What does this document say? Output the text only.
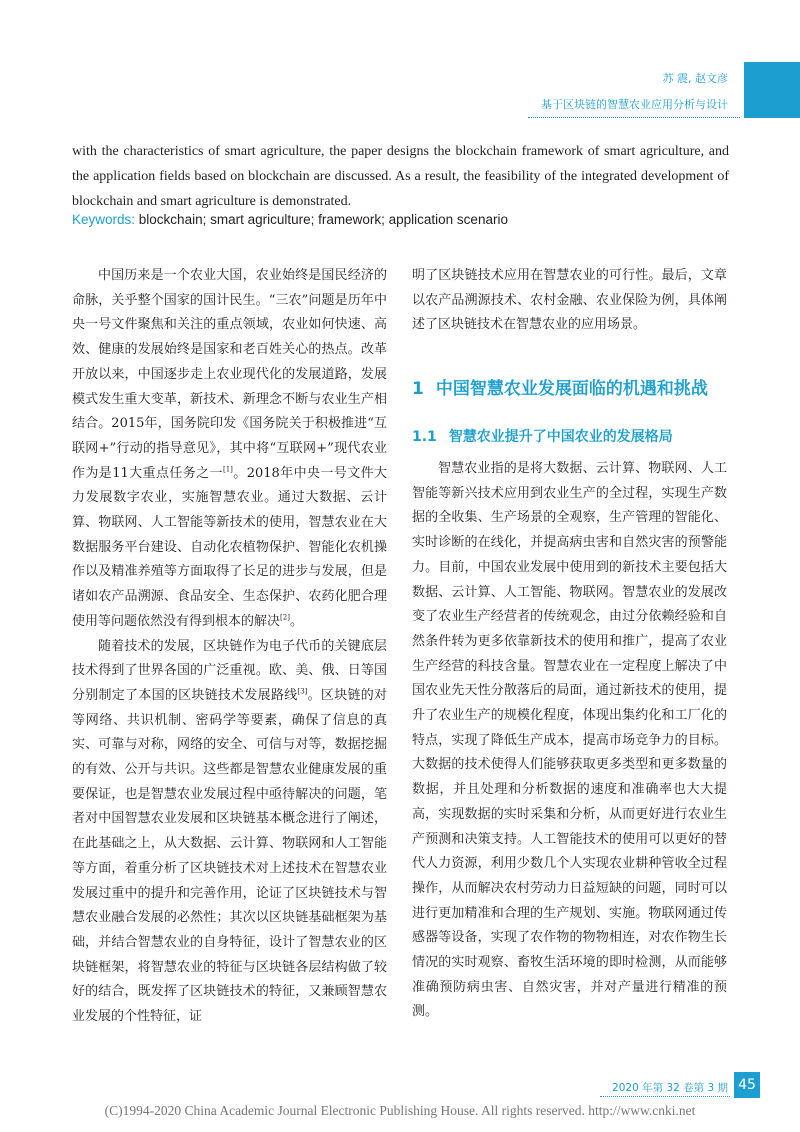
苏 震, 赵文彦
基于区块链的智慧农业应用分析与设计

with the characteristics of smart agriculture, the paper designs the blockchain framework of smart agriculture, and the application fields based on blockchain are discussed. As a result, the feasibility of the integrated development of blockchain and smart agriculture is demonstrated.

Keywords: blockchain; smart agriculture; framework; application scenario

中国历来是一个农业大国，农业始终是国民经济的命脉，关乎整个国家的国计民生。“三农”问题是历年中央一号文件聚焦和关注的重点领域，农业如何快速、高效、健康的发展始终是国家和老百姓关心的热点。改革开放以来，中国逐步走上农业现代化的发展道路，发展模式发生重大变革，新技术、新理念不断与农业生产相结合。2015年，国务院印发《国务院关于积极推进“互联网+”行动的指导意见》，其中将“互联网+”现代农业作为是11大重点任务之一[1]。2018年中央一号文件大力发展数字农业，实施智慧农业。通过大数据、云计算、物联网、人工智能等新技术的使用，智慧农业在大数据服务平台建设、自动化农植物保护、智能化农机操作以及精准养殖等方面取得了长足的进步与发展，但是诸如农产品溯源、食品安全、生态保护、农药化肥合理使用等问题依然没有得到根本的解决[2]。

随着技术的发展，区块链作为电子代币的关键底层技术得到了世界各国的广泛重视。欧、美、俄、日等国分别制定了本国的区块链技术发展路线[3]。区块链的对等网络、共识机制、密码学等要素，确保了信息的真实、可靠与对称，网络的安全、可信与对等，数据挖掘的有效、公开与共识。这些都是智慧农业健康发展的重要保证，也是智慧农业发展过程中亟待解决的问题，笔者对中国智慧农业发展和区块链基本概念进行了阐述，在此基础之上，从大数据、云计算、物联网和人工智能等方面，着重分析了区块链技术对上述技术在智慧农业发展过重中的提升和完善作用，论证了区块链技术与智慧农业融合发展的必然性；其次以区块链基础框架为基础，并结合智慧农业的自身特征，设计了智慧农业的区块链框架，将智慧农业的特征与区块链各层结构做了较好的结合，既发挥了区块链技术的特征，又兼顾智慧农业发展的个性特征，证

明了区块链技术应用在智慧农业的可行性。最后，文章以农产品溯源技术、农村金融、农业保险为例，具体阐述了区块链技术在智慧农业的应用场景。

1 中国智慧农业发展面临的机遇和挑战
1.1 智慧农业提升了中国农业的发展格局

智慧农业指的是将大数据、云计算、物联网、人工智能等新兴技术应用到农业生产的全过程，实现生产数据的全收集、生产场景的全观察，生产管理的智能化、实时诊断的在线化，并提高病虫害和自然灾害的预警能力。目前，中国农业发展中使用到的新技术主要包括大数据、云计算、人工智能、物联网。智慧农业的发展改变了农业生产经营者的传统观念，由过分依赖经验和自然条件转为更多依靠新技术的使用和推广，提高了农业生产经营的科技含量。智慧农业在一定程度上解决了中国农业先天性分散落后的局面，通过新技术的使用，提升了农业生产的规模化程度，体现出集约化和工厂化的特点，实现了降低生产成本，提高市场竞争力的目标。大数据的技术使得人们能够获取更多类型和更多数量的数据，并且处理和分析数据的速度和准确率也大大提高，实现数据的实时采集和分析，从而更好进行农业生产预测和决策支持。人工智能技术的使用可以更好的替代人力资源，利用少数几个人实现农业耕种管收全过程操作，从而解决农村劳动力日益短缺的问题，同时可以进行更加精准和合理的生产规划、实施。物联网通过传感器等设备，实现了农作物的物物相连，对农作物生长情况的实时观察、畜牧生活环境的即时检测，从而能够准确预防病虫害、自然灾害，并对产量进行精准的预测。

2020 年第 32 卷第 3 期 45
(C)1994-2020 China Academic Journal Electronic Publishing House. All rights reserved. http://www.cnki.net
